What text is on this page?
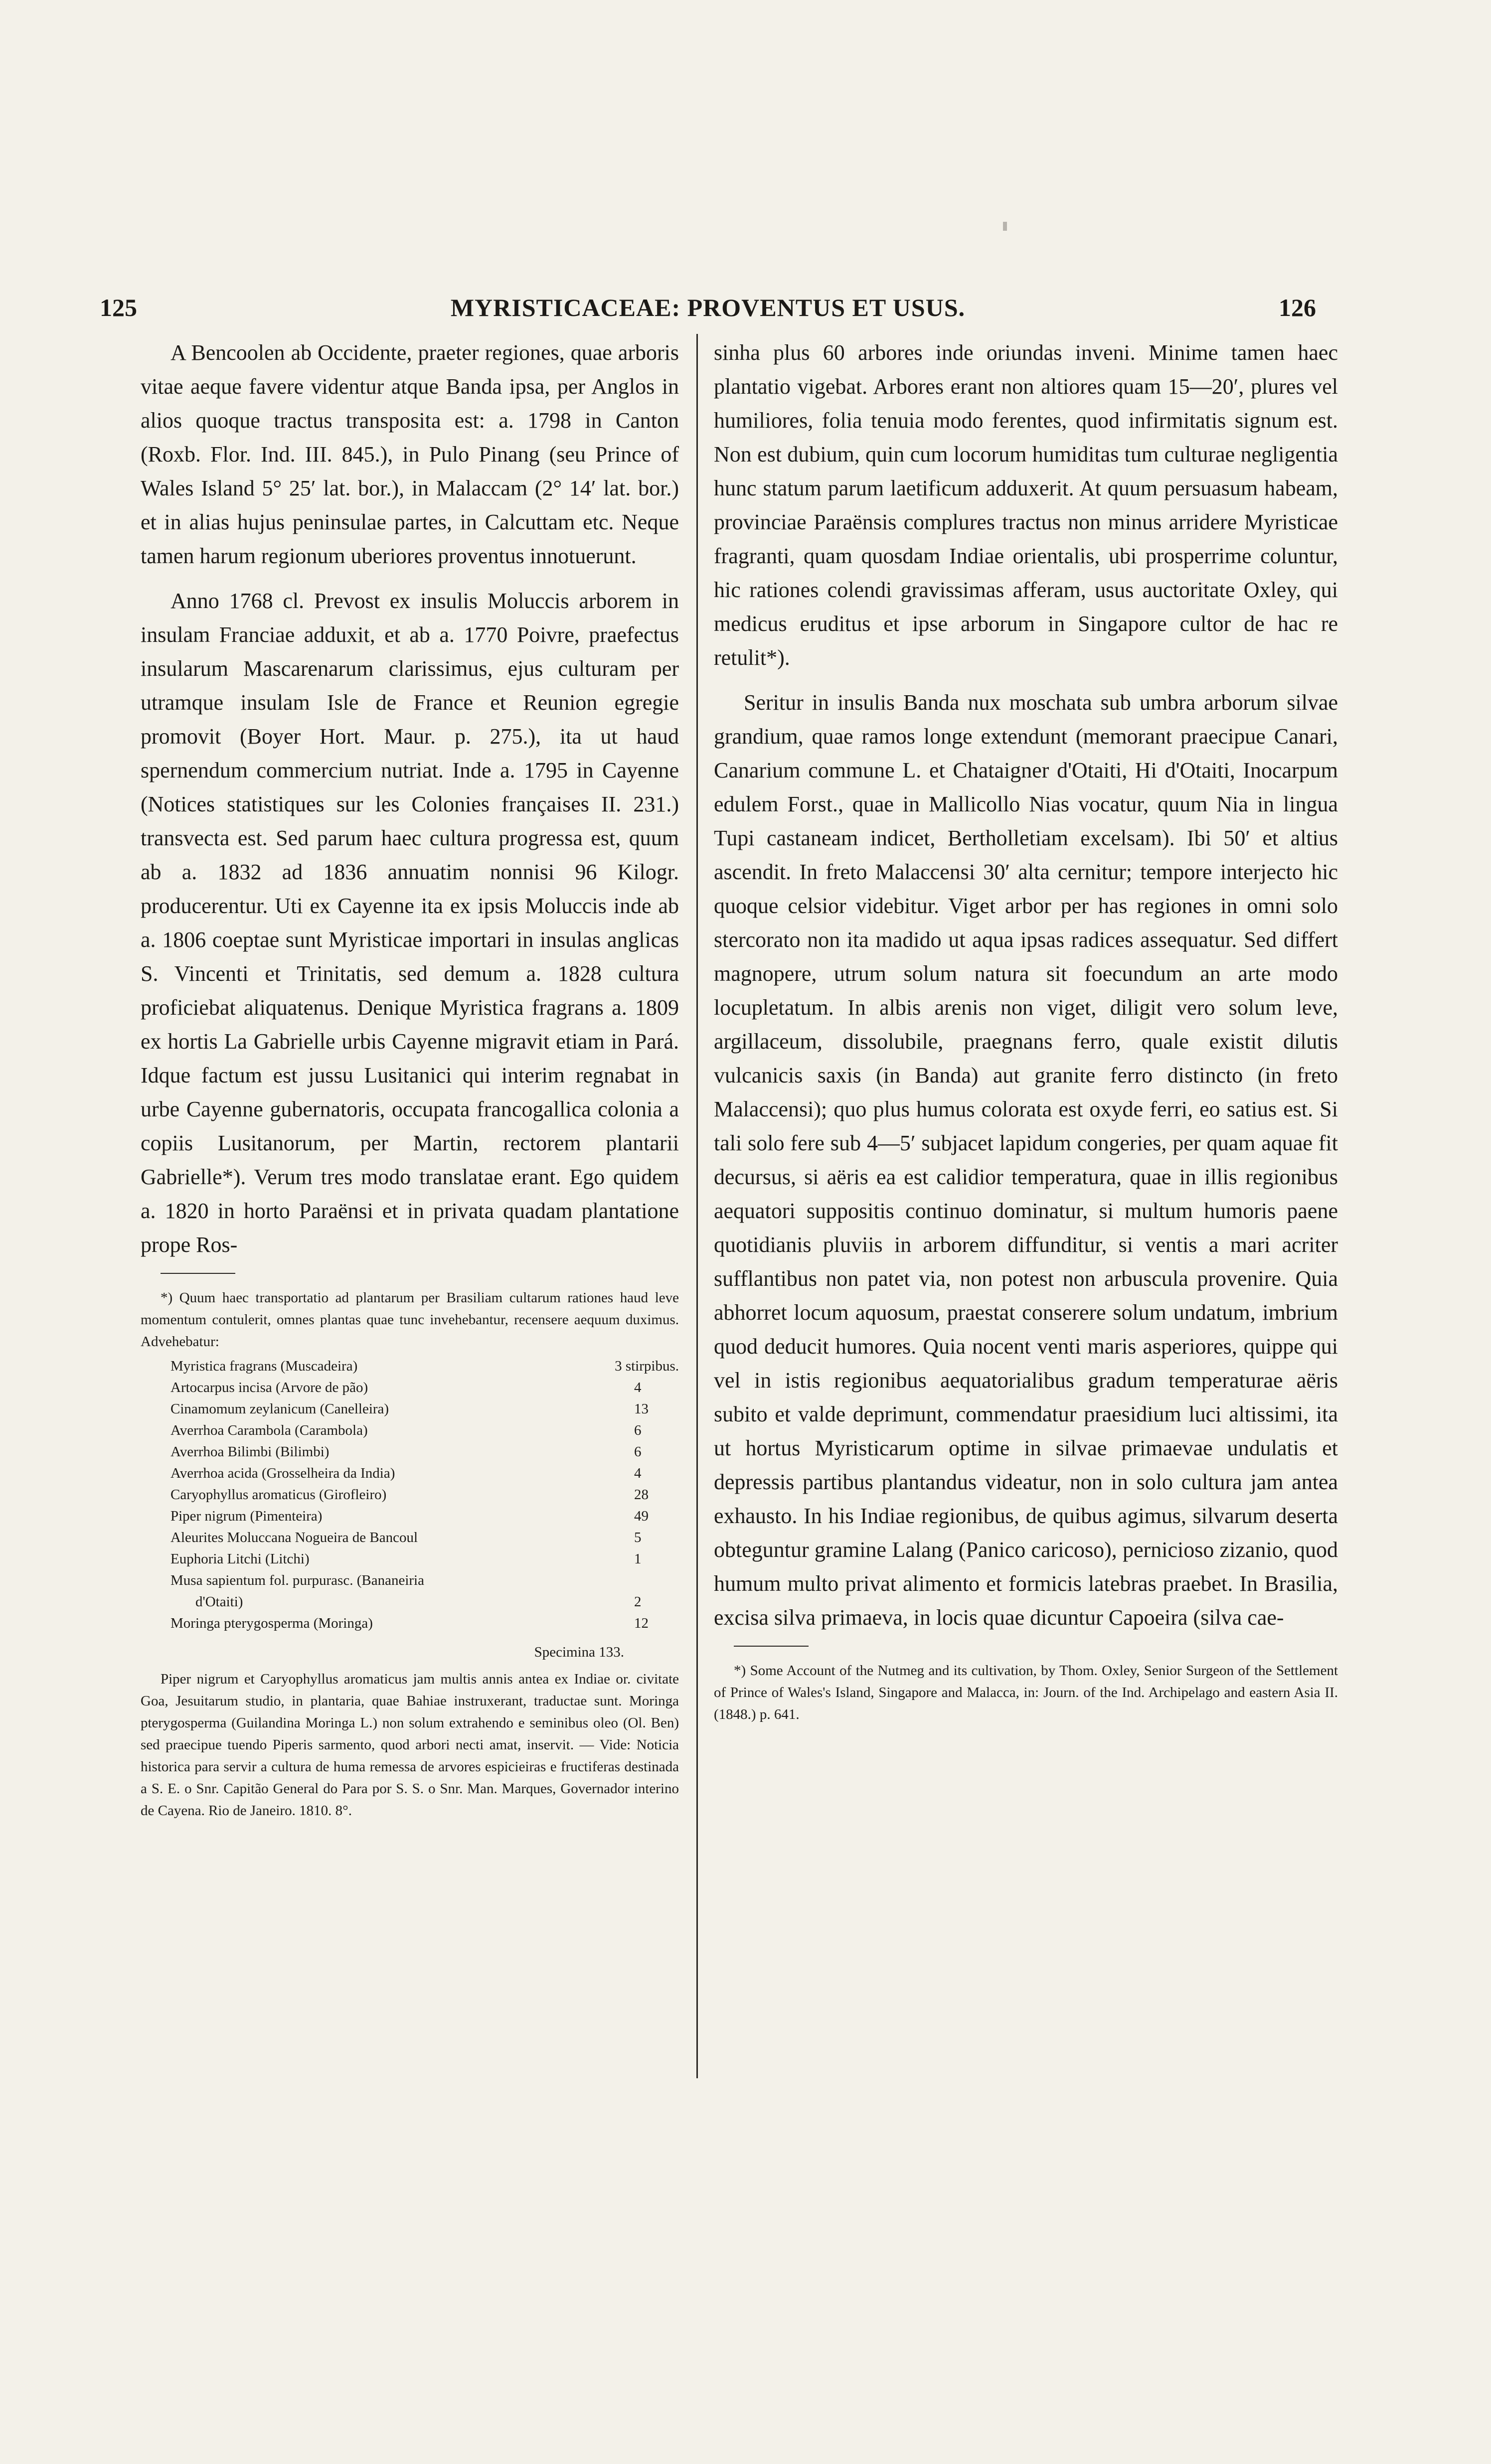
125	MYRISTICACEAE: PROVENTUS ET USUS.	126

A Bencoolen ab Occidente, praeter regiones, quae arboris vitae aeque favere videntur atque Banda ipsa, per Anglos in alios quoque tractus transposita est: a. 1798 in Canton (Roxb. Flor. Ind. III. 845.), in Pulo Pinang (seu Prince of Wales Island 5° 25′ lat. bor.), in Malaccam (2° 14′ lat. bor.) et in alias hujus peninsulae partes, in Calcuttam etc. Neque tamen harum regionum uberiores proventus innotuerunt.

Anno 1768 cl. Prevost ex insulis Moluccis arborem in insulam Franciae adduxit, et ab a. 1770 Poivre, praefectus insularum Mascarenarum clarissimus, ejus culturam per utramque insulam Isle de France et Reunion egregie promovit (Boyer Hort. Maur. p. 275.), ita ut haud spernendum commercium nutriat. Inde a. 1795 in Cayenne (Notices statistiques sur les Colonies françaises II. 231.) transvecta est. Sed parum haec cultura progressa est, quum ab a. 1832 ad 1836 annuatim nonnisi 96 Kilogr. producerentur. Uti ex Cayenne ita ex ipsis Moluccis inde ab a. 1806 coeptae sunt Myristicae importari in insulas anglicas S. Vincenti et Trinitatis, sed demum a. 1828 cultura proficiebat aliquatenus. Denique Myristica fragrans a. 1809 ex hortis La Gabrielle urbis Cayenne migravit etiam in Pará. Idque factum est jussu Lusitanici qui interim regnabat in urbe Cayenne gubernatoris, occupata francogallica colonia a copiis Lusitanorum, per Martin, rectorem plantarii Gabrielle*). Verum tres modo translatae erant. Ego quidem a. 1820 in horto Paraënsi et in privata quadam plantatione prope Ros-

*) Quum haec transportatio ad plantarum per Brasiliam cultarum rationes haud leve momentum contulerit, omnes plantas quae tunc invehebantur, recensere aequum duximus. Advehebatur:

Myristica fragrans (Muscadeira)	3 stirpibus.
Artocarpus incisa (Arvore de pão)	4
Cinamomum zeylanicum (Canelleira)	13
Averrhoa Carambola (Carambola)	6
Averrhoa Bilimbi (Bilimbi)	6
Averrhoa acida (Grosselheira da India)	4
Caryophyllus aromaticus (Girofleiro)	28
Piper nigrum (Pimenteira)	49
Aleurites Moluccana Nogueira de Bancoul	5
Euphoria Litchi (Litchi)	1
Musa sapientum fol. purpurasc. (Bananeiria
d'Otaiti)	2
Moringa pterygosperma (Moringa)	12
Specimina 133.

Piper nigrum et Caryophyllus aromaticus jam multis annis antea ex Indiae or. civitate Goa, Jesuitarum studio, in plantaria, quae Bahiae instruxerant, traductae sunt. Moringa pterygosperma (Guilandina Moringa L.) non solum extrahendo e seminibus oleo (Ol. Ben) sed praecipue tuendo Piperis sarmento, quod arbori necti amat, inservit. — Vide: Noticia historica para servir a cultura de huma remessa de arvores espicieiras e fructiferas destinada a S. E. o Snr. Capitão General do Para por S. S. o Snr. Man. Marques, Governador interino de Cayena. Rio de Janeiro. 1810. 8°.

sinha plus 60 arbores inde oriundas inveni. Minime tamen haec plantatio vigebat. Arbores erant non altiores quam 15—20′, plures vel humiliores, folia tenuia modo ferentes, quod infirmitatis signum est. Non est dubium, quin cum locorum humiditas tum culturae negligentia hunc statum parum laetificum adduxerit. At quum persuasum habeam, provinciae Paraënsis complures tractus non minus arridere Myristicae fragranti, quam quosdam Indiae orientalis, ubi prosperrime coluntur, hic rationes colendi gravissimas afferam, usus auctoritate Oxley, qui medicus eruditus et ipse arborum in Singapore cultor de hac re retulit*).

Seritur in insulis Banda nux moschata sub umbra arborum silvae grandium, quae ramos longe extendunt (memorant praecipue Canari, Canarium commune L. et Chataigner d'Otaiti, Hi d'Otaiti, Inocarpum edulem Forst., quae in Mallicollo Nias vocatur, quum Nia in lingua Tupi castaneam indicet, Bertholletiam excelsam). Ibi 50′ et altius ascendit. In freto Malaccensi 30′ alta cernitur; tempore interjecto hic quoque celsior videbitur. Viget arbor per has regiones in omni solo stercorato non ita madido ut aqua ipsas radices assequatur. Sed differt magnopere, utrum solum natura sit foecundum an arte modo locupletatum. In albis arenis non viget, diligit vero solum leve, argillaceum, dissolubile, praegnans ferro, quale existit dilutis vulcanicis saxis (in Banda) aut granite ferro distincto (in freto Malaccensi); quo plus humus colorata est oxyde ferri, eo satius est. Si tali solo fere sub 4—5′ subjacet lapidum congeries, per quam aquae fit decursus, si aëris ea est calidior temperatura, quae in illis regionibus aequatori suppositis continuo dominatur, si multum humoris paene quotidianis pluviis in arborem diffunditur, si ventis a mari acriter sufflantibus non patet via, non potest non arbuscula provenire. Quia abhorret locum aquosum, praestat conserere solum undatum, imbrium quod deducit humores. Quia nocent venti maris asperiores, quippe qui vel in istis regionibus aequatorialibus gradum temperaturae aëris subito et valde deprimunt, commendatur praesidium luci altissimi, ita ut hortus Myristicarum optime in silvae primaevae undulatis et depressis partibus plantandus videatur, non in solo cultura jam antea exhausto. In his Indiae regionibus, de quibus agimus, silvarum deserta obteguntur gramine Lalang (Panico caricoso), pernicioso zizanio, quod humum multo privat alimento et formicis latebras praebet. In Brasilia, excisa silva primaeva, in locis quae dicuntur Capoeira (silva cae-

*) Some Account of the Nutmeg and its cultivation, by Thom. Oxley, Senior Surgeon of the Settlement of Prince of Wales's Island, Singapore and Malacca, in: Journ. of the Ind. Archipelago and eastern Asia II. (1848.) p. 641.
